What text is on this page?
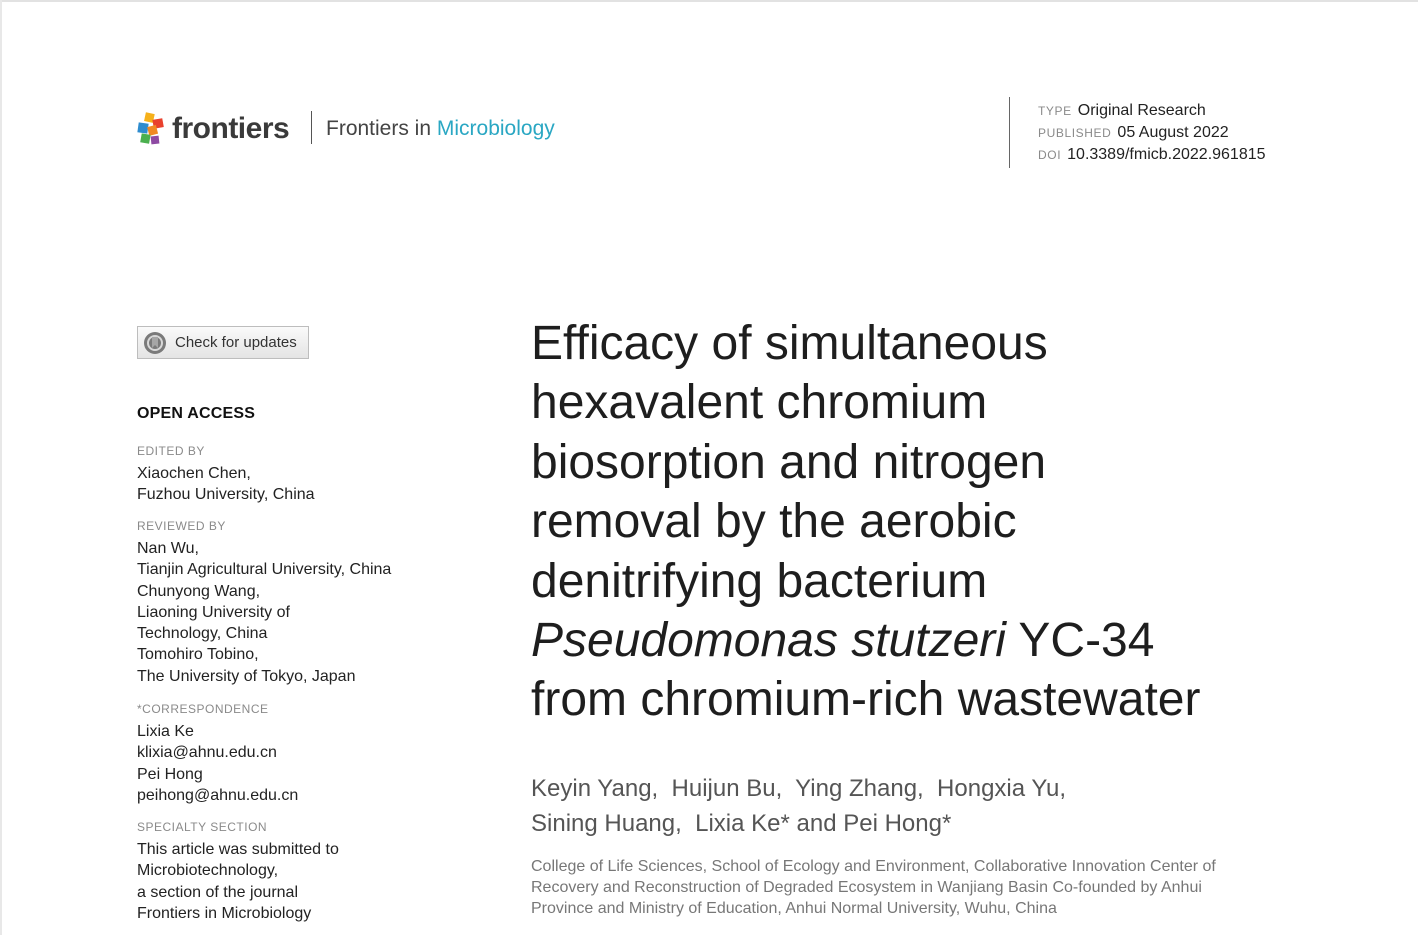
frontiers Frontiers in Microbiology
TYPE Original Research
PUBLISHED 05 August 2022
DOI 10.3389/fmicb.2022.961815
Check for updates
OPEN ACCESS
EDITED BY
Xiaochen Chen,
Fuzhou University, China
REVIEWED BY
Nan Wu,
Tianjin Agricultural University, China
Chunyong Wang,
Liaoning University of
Technology, China
Tomohiro Tobino,
The University of Tokyo, Japan
*CORRESPONDENCE
Lixia Ke
klixia@ahnu.edu.cn
Pei Hong
peihong@ahnu.edu.cn
SPECIALTY SECTION
This article was submitted to
Microbiotechnology,
a section of the journal
Frontiers in Microbiology
Efficacy of simultaneous
hexavalent chromium
biosorption and nitrogen
removal by the aerobic
denitrifying bacterium
Pseudomonas stutzeri YC-34
from chromium-rich wastewater
Keyin Yang,  Huijun Bu,  Ying Zhang,  Hongxia Yu,
Sining Huang,  Lixia Ke* and Pei Hong*
College of Life Sciences, School of Ecology and Environment, Collaborative Innovation Center of
Recovery and Reconstruction of Degraded Ecosystem in Wanjiang Basin Co-founded by Anhui
Province and Ministry of Education, Anhui Normal University, Wuhu, China
